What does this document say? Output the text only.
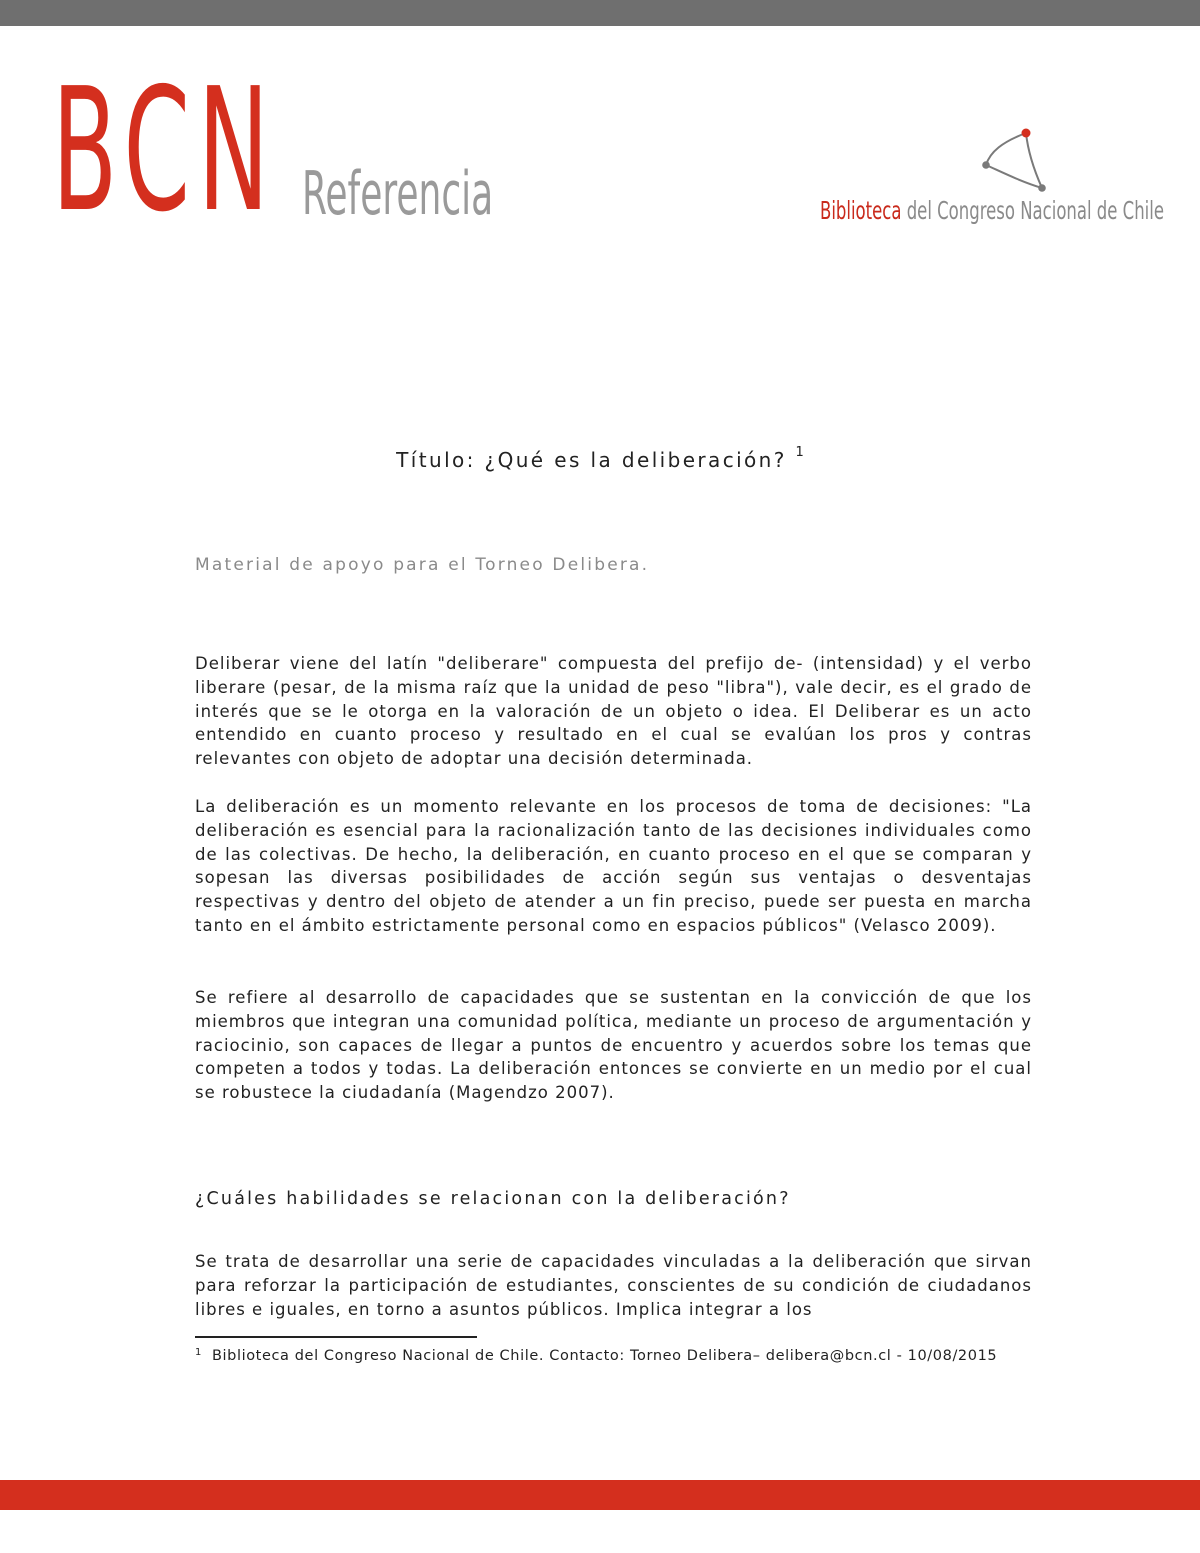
BCN Referencia	Biblioteca del Congreso Nacional de Chile
Título: ¿Qué es la deliberación? $^1$

Material de apoyo para el Torneo Delibera.

Deliberar viene del latín "deliberare" compuesta del prefijo de- (intensidad) y el verbo liberare (pesar, de la misma raíz que la unidad de peso "libra"), vale decir, es el grado de interés que se le otorga en la valoración de un objeto o idea. El Deliberar es un acto entendido en cuanto proceso y resultado en el cual se evalúan los pros y contras relevantes con objeto de adoptar una decisión determinada.

La deliberación es un momento relevante en los procesos de toma de decisiones: "La deliberación es esencial para la racionalización tanto de las decisiones individuales como de las colectivas. De hecho, la deliberación, en cuanto proceso en el que se comparan y sopesan las diversas posibilidades de acción según sus ventajas o desventajas respectivas y dentro del objeto de atender a un fin preciso, puede ser puesta en marcha tanto en el ámbito estrictamente personal como en espacios públicos" (Velasco 2009).

Se refiere al desarrollo de capacidades que se sustentan en la convicción de que los miembros que integran una comunidad política, mediante un proceso de argumentación y raciocinio, son capaces de llegar a puntos de encuentro y acuerdos sobre los temas que competen a todos y todas. La deliberación entonces se convierte en un medio por el cual se robustece la ciudadanía (Magendzo 2007).

¿Cuáles habilidades se relacionan con la deliberación?

Se trata de desarrollar una serie de capacidades vinculadas a la deliberación que sirvan para reforzar la participación de estudiantes, conscientes de su condición de ciudadanos libres e iguales, en torno a asuntos públicos. Implica integrar a los

$^1$ Biblioteca del Congreso Nacional de Chile. Contacto: Torneo Delibera– delibera@bcn.cl - 10/08/2015
